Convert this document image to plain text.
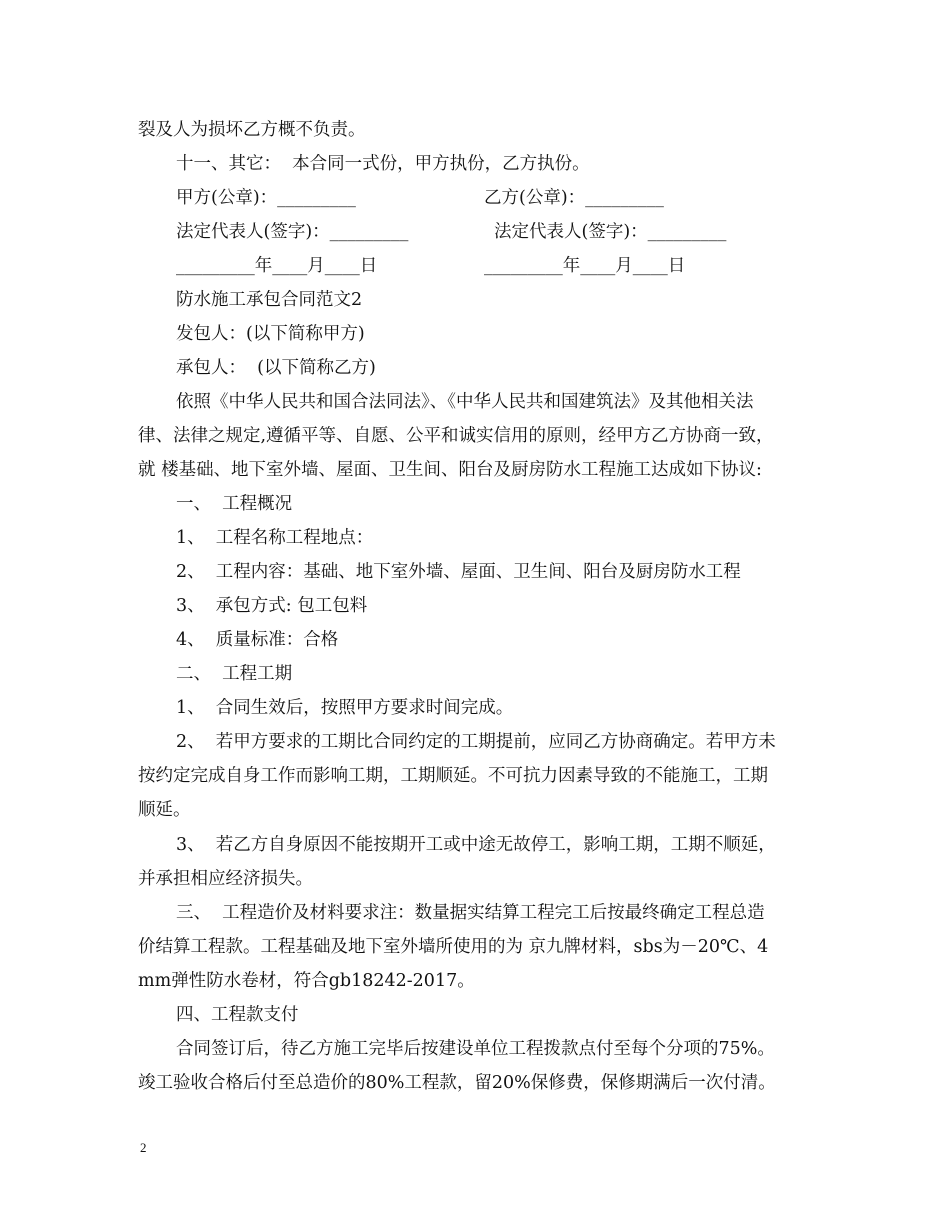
裂及人为损坏乙方概不负责。
十一、其它：  本合同一式份，甲方执份，乙方执份。
甲方(公章)：_________	乙方(公章)：_________
法定代表人(签字)：_________	法定代表人(签字)：_________
_________年____月____日	_________年____月____日
防水施工承包合同范文2
发包人：(以下简称甲方)
承包人：  (以下简称乙方)
依照《中华人民共和国合法同法》、《中华人民共和国建筑法》及其他相关法
律、法律之规定,遵循平等、自愿、公平和诚实信用的原则，经甲方乙方协商一致，
就 楼基础、地下室外墙、屋面、卫生间、阳台及厨房防水工程施工达成如下协议:
一、  工程概况
1、  工程名称工程地点：
2、  工程内容：基础、地下室外墙、屋面、卫生间、阳台及厨房防水工程
3、  承包方式: 包工包料
4、  质量标准：合格
二、  工程工期
1、  合同生效后，按照甲方要求时间完成。
2、  若甲方要求的工期比合同约定的工期提前，应同乙方协商确定。若甲方未
按约定完成自身工作而影响工期，工期顺延。不可抗力因素导致的不能施工，工期
顺延。
3、  若乙方自身原因不能按期开工或中途无故停工，影响工期，工期不顺延，
并承担相应经济损失。
三、  工程造价及材料要求注：数量据实结算工程完工后按最终确定工程总造
价结算工程款。工程基础及地下室外墙所使用的为 京九牌材料，sbs为－20℃、4
mm弹性防水卷材，符合gb18242-2017。
四、工程款支付
合同签订后，待乙方施工完毕后按建设单位工程拨款点付至每个分项的75%。
竣工验收合格后付至总造价的80%工程款，留20%保修费，保修期满后一次付清。
2
